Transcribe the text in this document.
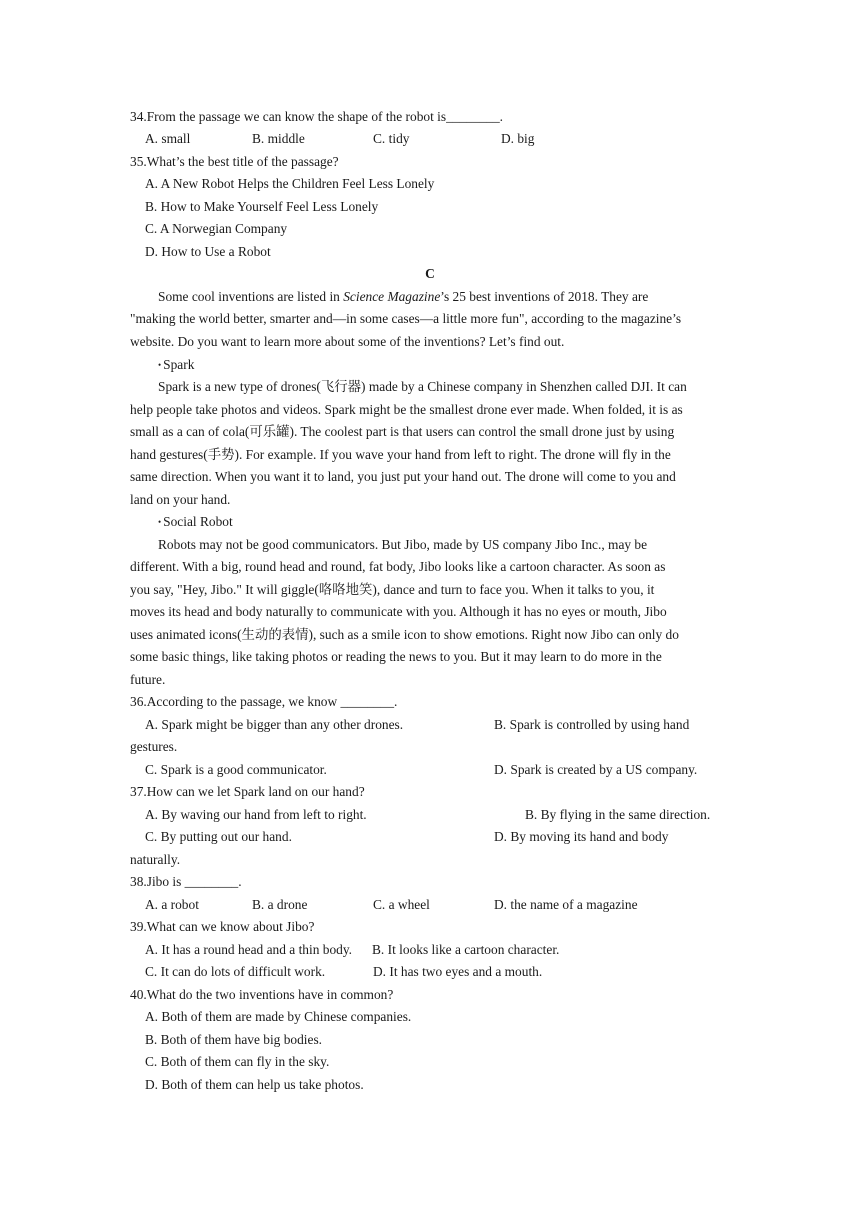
34.From the passage we can know the shape of the robot is________.
A. small	B. middle	C. tidy	D. big
35.What’s the best title of the passage?
A. A New Robot Helps the Children Feel Less Lonely
B. How to Make Yourself Feel Less Lonely
C. A Norwegian Company
D. How to Use a Robot
C
Some cool inventions are listed in Science Magazine’s 25 best inventions of 2018. They are
"making the world better, smarter and—in some cases—a little more fun", according to the magazine’s
website. Do you want to learn more about some of the inventions? Let’s find out.
• Spark
Spark is a new type of drones(飞行器) made by a Chinese company in Shenzhen called DJI. It can
help people take photos and videos. Spark might be the smallest drone ever made. When folded, it is as
small as a can of cola(可乐罐). The coolest part is that users can control the small drone just by using
hand gestures(手势). For example. If you wave your hand from left to right. The drone will fly in the
same direction. When you want it to land, you just put your hand out. The drone will come to you and
land on your hand.
• Social Robot
Robots may not be good communicators. But Jibo, made by US company Jibo Inc., may be
different. With a big, round head and round, fat body, Jibo looks like a cartoon character. As soon as
you say, "Hey, Jibo." It will giggle(咯咯地笑), dance and turn to face you. When it talks to you, it
moves its head and body naturally to communicate with you. Although it has no eyes or mouth, Jibo
uses animated icons(生动的表情), such as a smile icon to show emotions. Right now Jibo can only do
some basic things, like taking photos or reading the news to you. But it may learn to do more in the
future.
36.According to the passage, we know ________.
A. Spark might be bigger than any other drones.	B. Spark is controlled by using hand
gestures.
C. Spark is a good communicator.	D. Spark is created by a US company.
37.How can we let Spark land on our hand?
A. By waving our hand from left to right.	B. By flying in the same direction.
C. By putting out our hand.	D. By moving its hand and body
naturally.
38.Jibo is ________.
A. a robot	B. a drone	C. a wheel	D. the name of a magazine
39.What can we know about Jibo?
A. It has a round head and a thin body. B. It looks like a cartoon character.
C. It can do lots of difficult work.	D. It has two eyes and a mouth.
40.What do the two inventions have in common?
A. Both of them are made by Chinese companies.
B. Both of them have big bodies.
C. Both of them can fly in the sky.
D. Both of them can help us take photos.
